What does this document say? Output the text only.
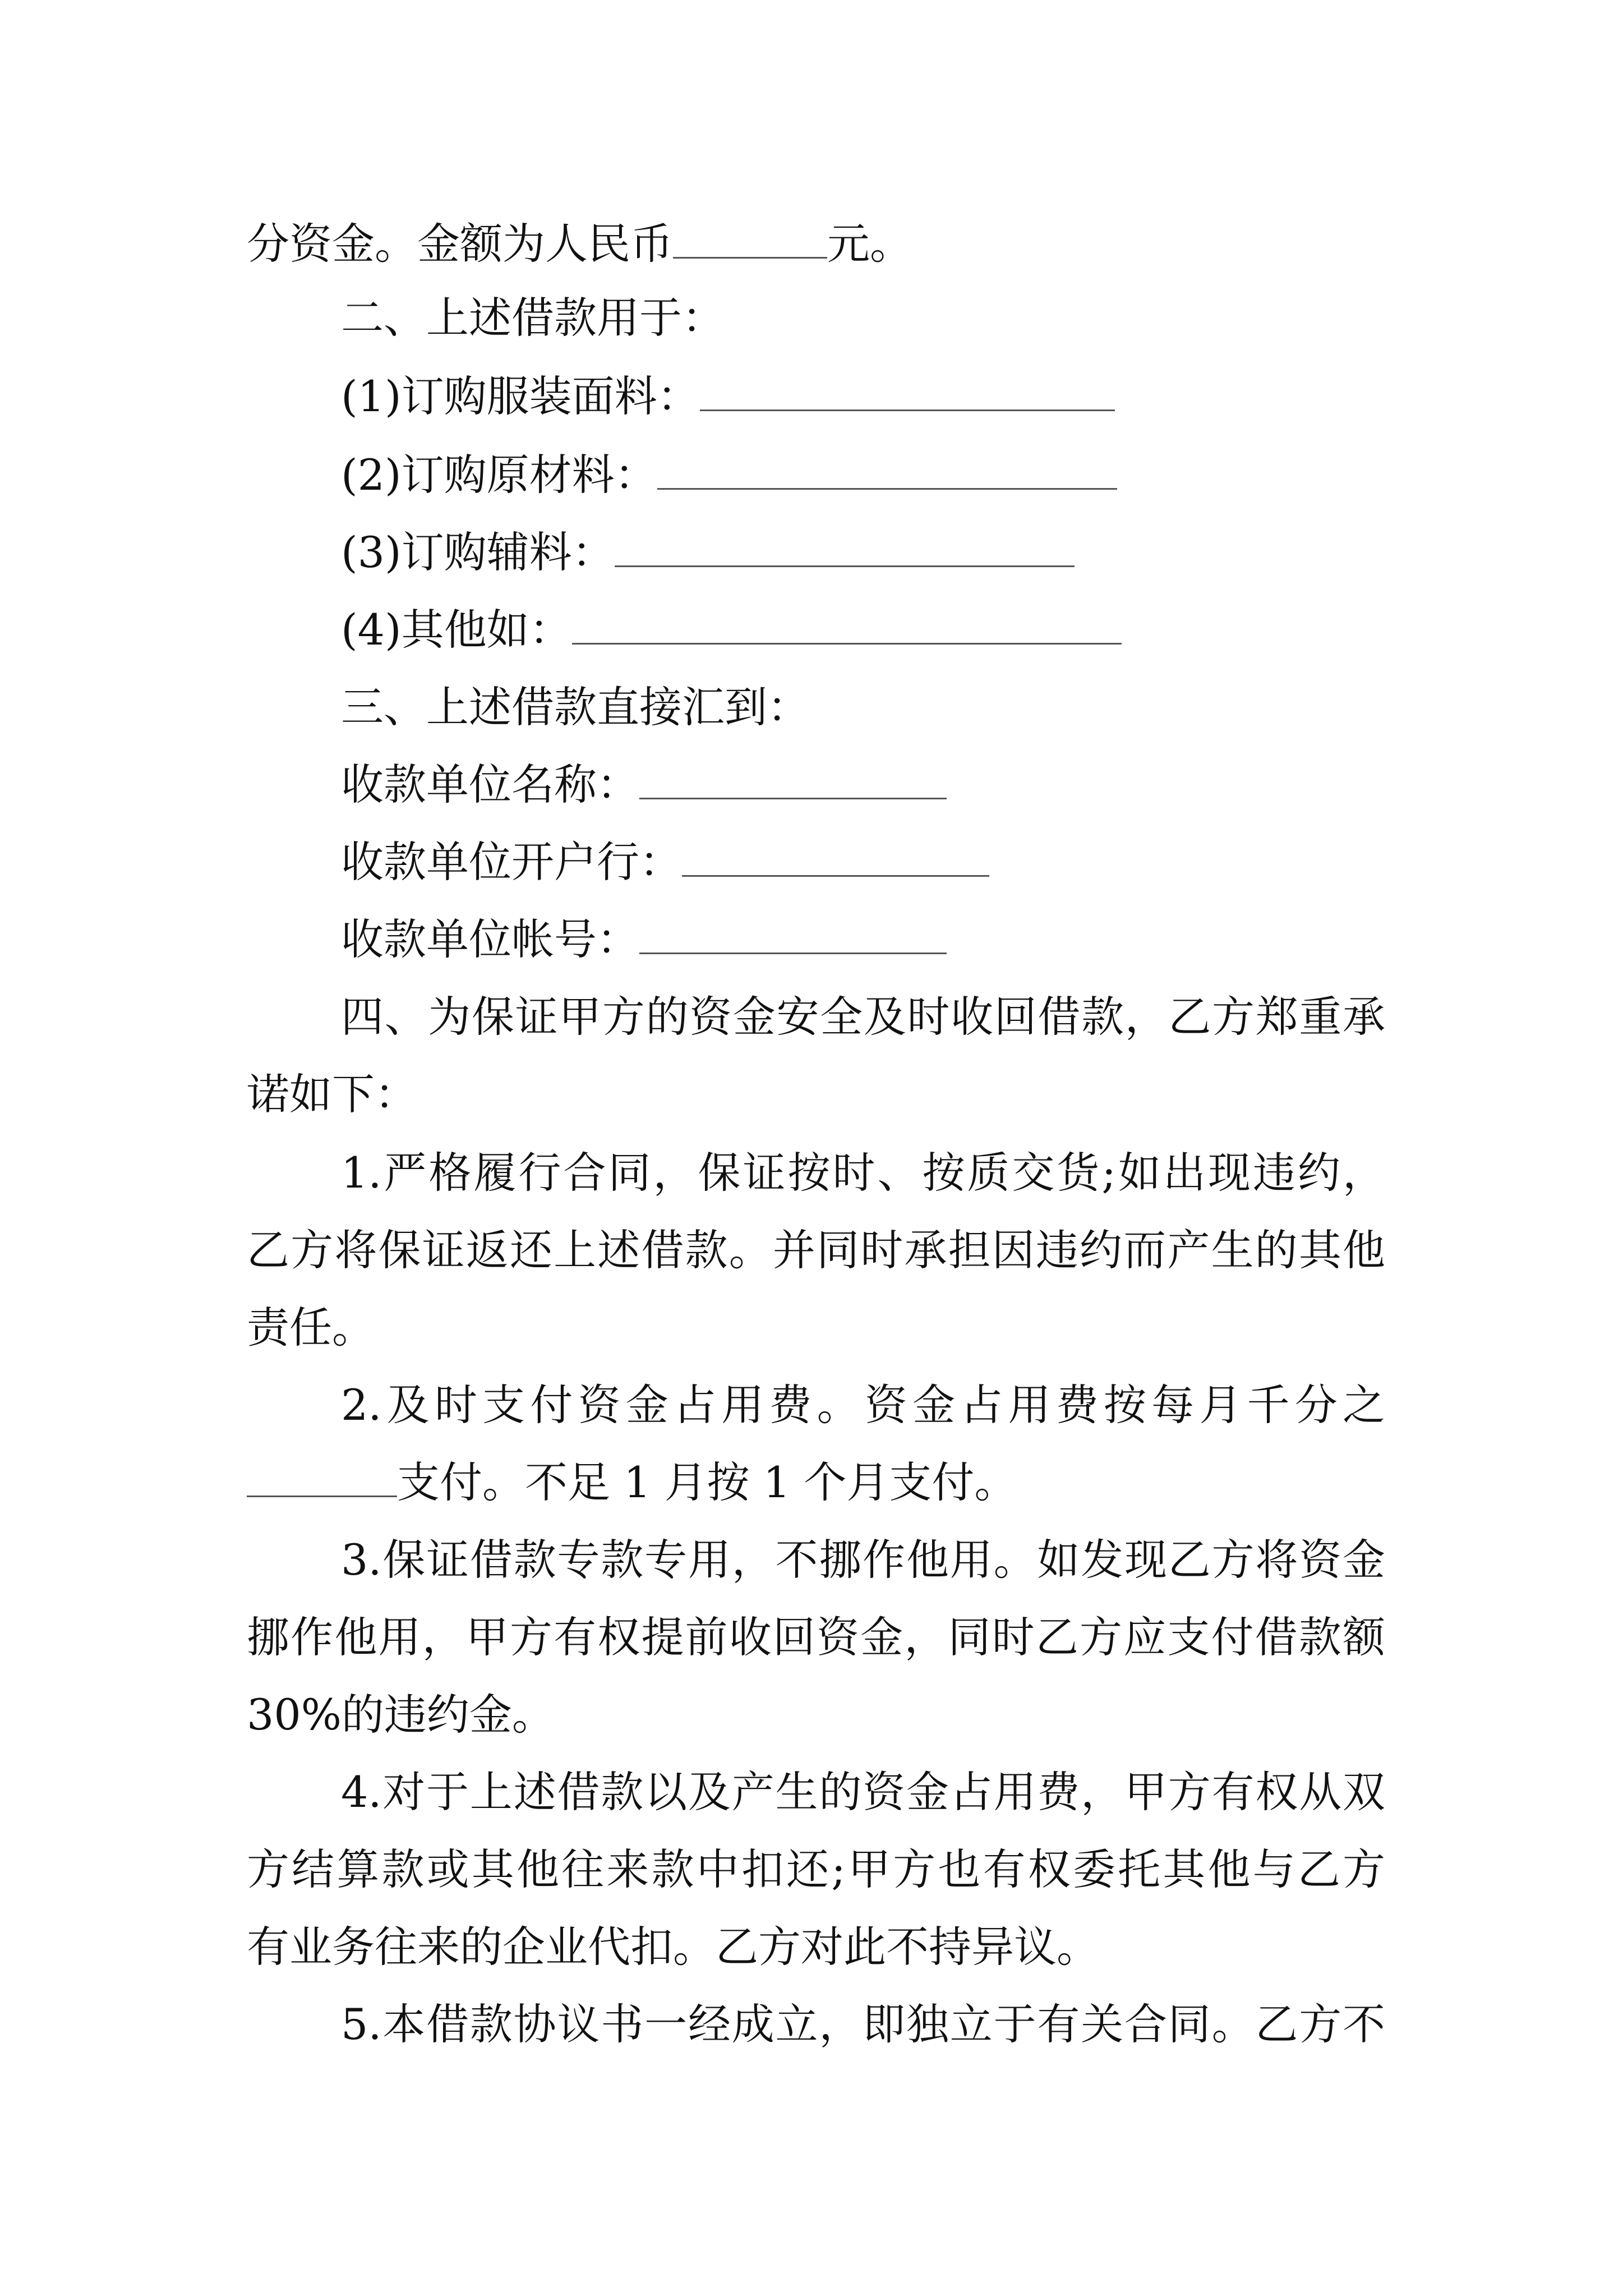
分资金。金额为人民币	元。
二、上述借款用于：
(1)订购服装面料：
(2)订购原材料：
(3)订购辅料：
(4)其他如：
三、上述借款直接汇到：
收款单位名称：
收款单位开户行：
收款单位帐号：
四、为保证甲方的资金安全及时收回借款，乙方郑重承
诺如下：
1.严格履行合同，保证按时、按质交货;如出现违约，
乙方将保证返还上述借款。并同时承担因违约而产生的其他
责任。
2.及时支付资金占用费。资金占用费按每月千分之
支付。不足 1 月按 1 个月支付。
3.保证借款专款专用，不挪作他用。如发现乙方将资金
挪作他用，甲方有权提前收回资金，同时乙方应支付借款额
30%的违约金。
4.对于上述借款以及产生的资金占用费，甲方有权从双
方结算款或其他往来款中扣还;甲方也有权委托其他与乙方
有业务往来的企业代扣。乙方对此不持异议。
5.本借款协议书一经成立，即独立于有关合同。乙方不
